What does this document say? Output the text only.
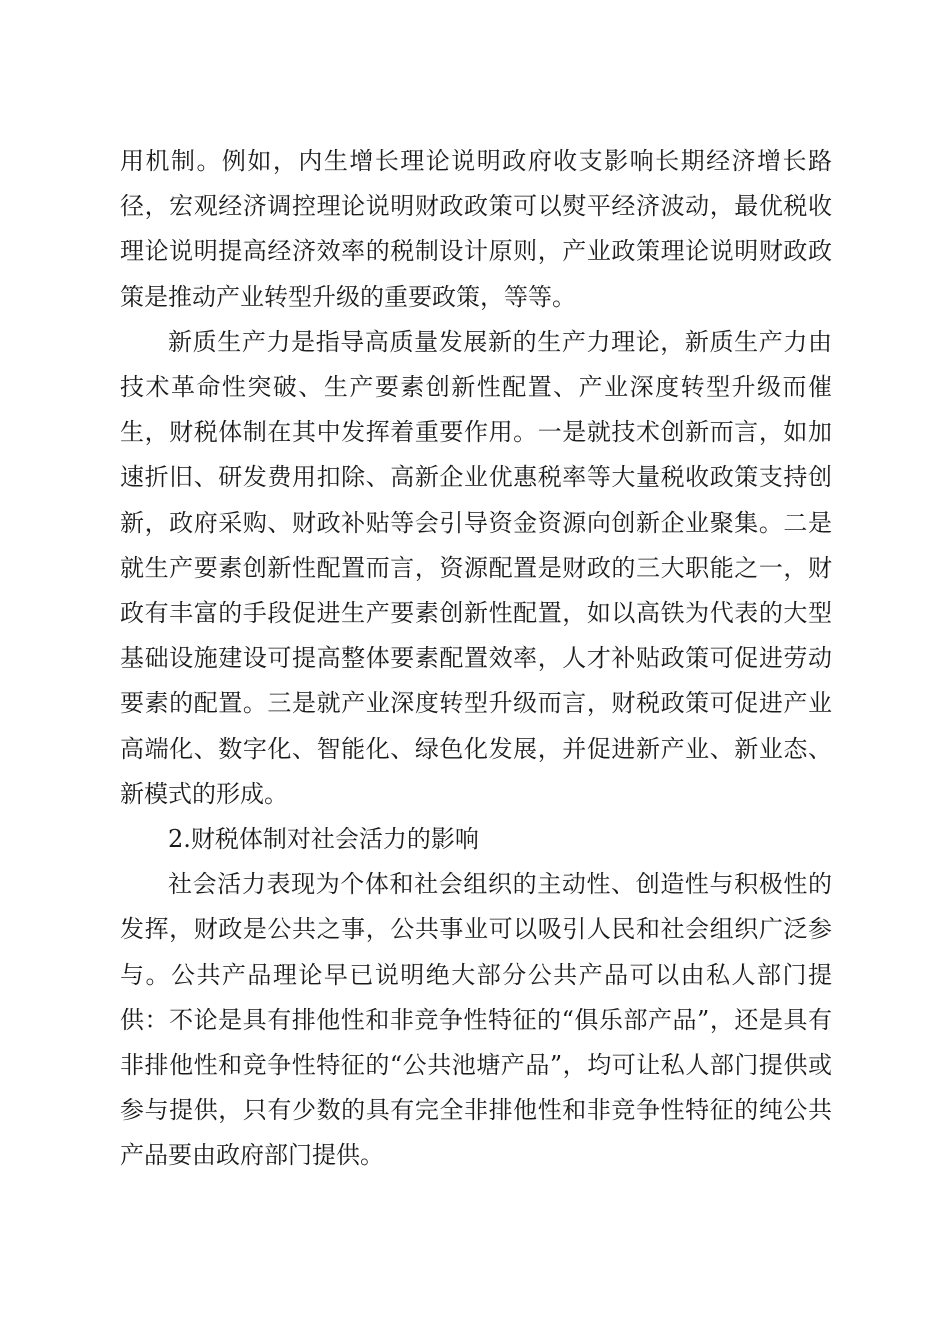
用机制。例如，内生增长理论说明政府收支影响长期经济增长路径，宏观经济调控理论说明财政政策可以熨平经济波动，最优税收理论说明提高经济效率的税制设计原则，产业政策理论说明财政政策是推动产业转型升级的重要政策，等等。

新质生产力是指导高质量发展新的生产力理论，新质生产力由技术革命性突破、生产要素创新性配置、产业深度转型升级而催生，财税体制在其中发挥着重要作用。一是就技术创新而言，如加速折旧、研发费用扣除、高新企业优惠税率等大量税收政策支持创新，政府采购、财政补贴等会引导资金资源向创新企业聚集。二是就生产要素创新性配置而言，资源配置是财政的三大职能之一，财政有丰富的手段促进生产要素创新性配置，如以高铁为代表的大型基础设施建设可提高整体要素配置效率，人才补贴政策可促进劳动要素的配置。三是就产业深度转型升级而言，财税政策可促进产业高端化、数字化、智能化、绿色化发展，并促进新产业、新业态、新模式的形成。

2.财税体制对社会活力的影响

社会活力表现为个体和社会组织的主动性、创造性与积极性的发挥，财政是公共之事，公共事业可以吸引人民和社会组织广泛参与。公共产品理论早已说明绝大部分公共产品可以由私人部门提供：不论是具有排他性和非竞争性特征的“俱乐部产品”，还是具有非排他性和竞争性特征的“公共池塘产品”，均可让私人部门提供或参与提供，只有少数的具有完全非排他性和非竞争性特征的纯公共产品要由政府部门提供。
